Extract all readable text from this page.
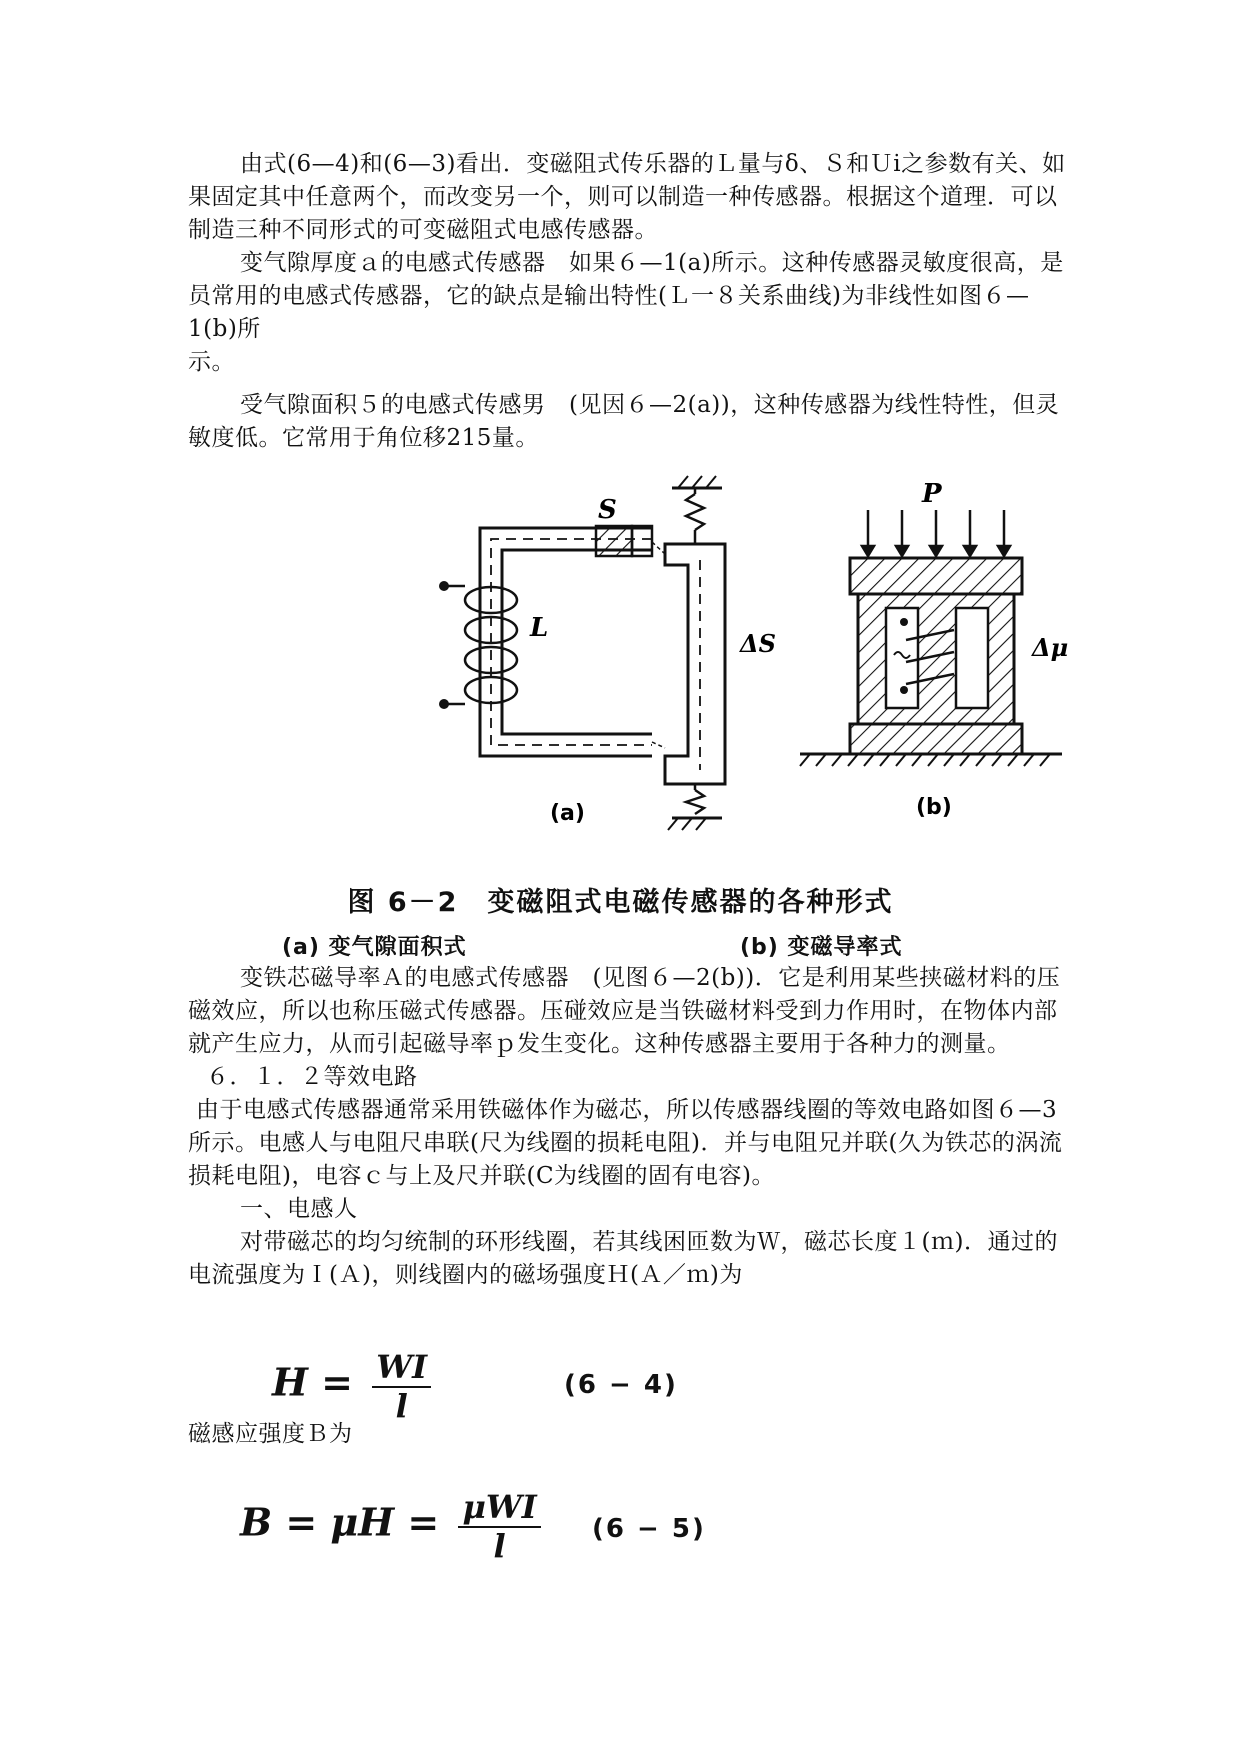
由式(6—4)和(6—3)看出．变磁阻式传乐器的Ｌ量与δ、Ｓ和Ｕi之参数有关、如果固定其中任意两个，而改变另一个，则可以制造一种传感器。根据这个道理．可以制造三种不同形式的可变磁阻式电感传感器。

变气隙厚度ａ的电感式传感器　如果６—1(a)所示。这种传感器灵敏度很高，是员常用的电感式传感器，它的缺点是输出特性(Ｌ一８关系曲线)为非线性如图６—1(b)所

示。

受气隙面积５的电感式传感男　(见因６—2(a))，这种传感器为线性特性，但灵敏度低。它常用于角位移215量。

S
L
ΔS
(a)
P
Δμ
(b)
图 6－2　变磁阻式电磁传感器的各种形式
(a) 变气隙面积式	(b) 变磁导率式

变铁芯磁导率Ａ的电感式传感器　(见图６—2(b))．它是利用某些挟磁材料的压磁效应，所以也称压磁式传感器。压碰效应是当铁磁材料受到力作用时，在物体内部就产生应力，从而引起磁导率ｐ发生变化。这种传感器主要用于各种力的测量。

６．１．２等效电路

由于电感式传感器通常采用铁磁体作为磁芯，所以传感器线圈的等效电路如图６—3所示。电感人与电阻尺串联(尺为线圈的损耗电阻)．并与电阻兄并联(久为铁芯的涡流损耗电阻)，电容ｃ与上及尺并联(C为线圈的固有电容)。

一、电感人

对带磁芯的均匀统制的环形线圈，若其线困匝数为Ｗ，磁芯长度１(ｍ)．通过的电流强度为Ｉ(Ａ)，则线圈内的磁场强度Ｈ(Ａ／ｍ)为

$H = \frac{WI}{l}$	(6 − 4)

磁感应强度Ｂ为

$B = \mu H = \frac{\text{μWI}}{l} (6 - 5)$
